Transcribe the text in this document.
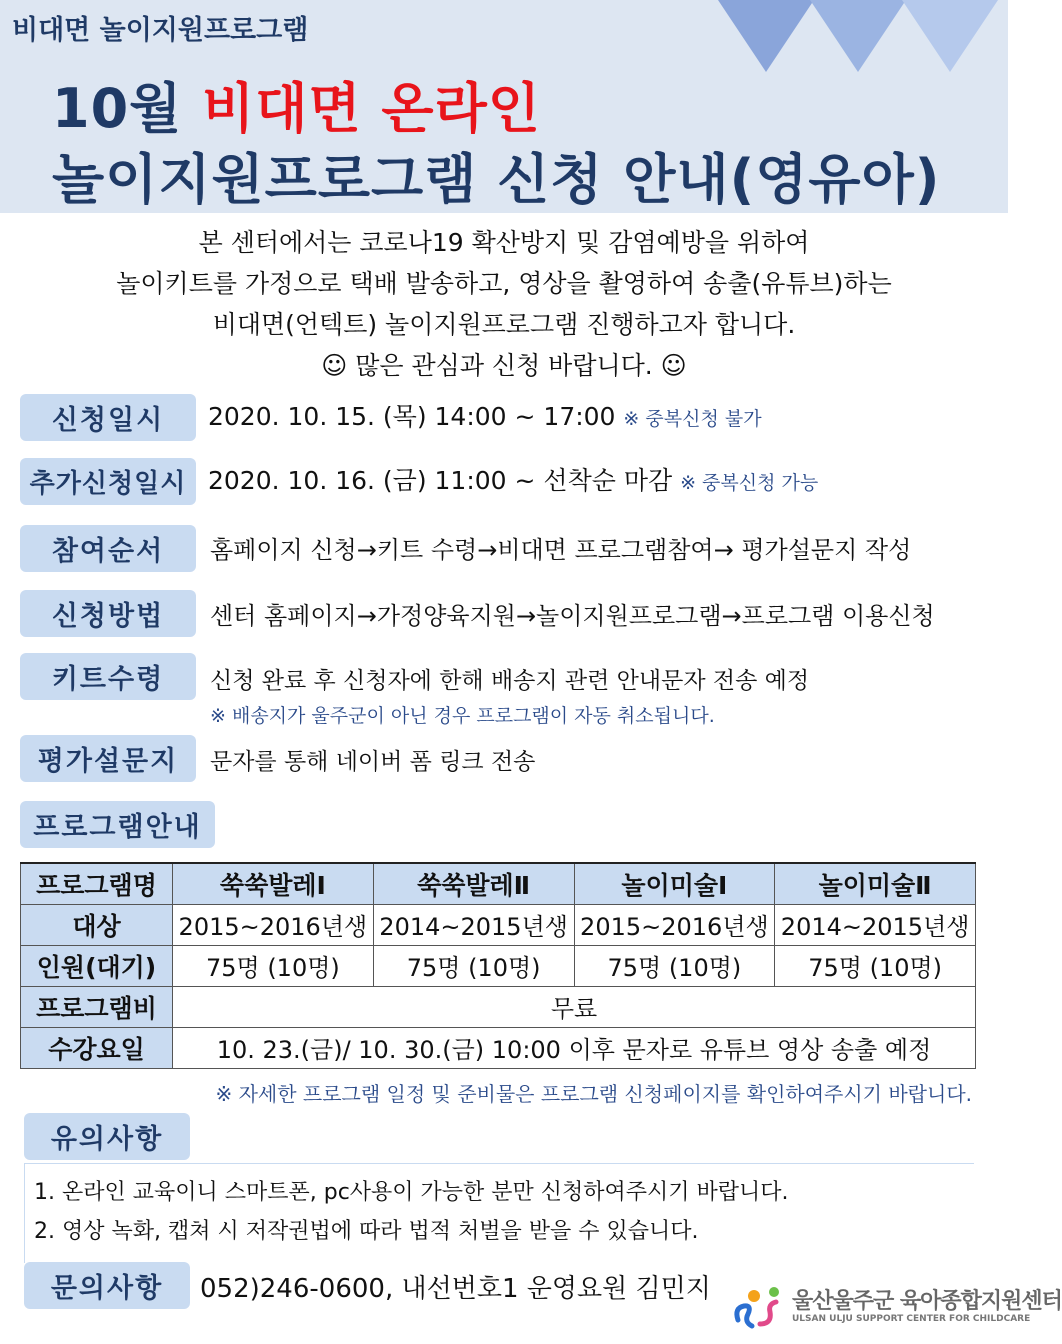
비대면 놀이지원프로그램
10월 비대면 온라인
놀이지원프로그램 신청 안내(영유아)
본 센터에서는 코로나19 확산방지 및 감염예방을 위하여
놀이키트를 가정으로 택배 발송하고, 영상을 촬영하여 송출(유튜브)하는
비대면(언텍트) 놀이지원프로그램 진행하고자 합니다.
☺ 많은 관심과 신청 바랍니다. ☺
신청일시	2020. 10. 15. (목) 14:00 ~ 17:00 ※ 중복신청 불가
추가신청일시 2020. 10. 16. (금) 11:00 ~ 선착순 마감 ※ 중복신청 가능
참여순서	홈페이지 신청→키트 수령→비대면 프로그램참여→ 평가설문지 작성
신청방법	센터 홈페이지→가정양육지원→놀이지원프로그램→프로그램 이용신청
키트수령	신청 완료 후 신청자에 한해 배송지 관련 안내문자 전송 예정
※ 배송지가 울주군이 아닌 경우 프로그램이 자동 취소됩니다.
평가설문지	문자를 통해 네이버 폼 링크 전송
프로그램안내
프로그램명	쑥쑥발레Ⅰ	쑥쑥발레Ⅱ	놀이미술Ⅰ	놀이미술Ⅱ
대상	2015~2016년생	2014~2015년생	2015~2016년생	2014~2015년생
인원(대기)	75명 (10명)	75명 (10명)	75명 (10명)	75명 (10명)
프로그램비	무료			
수강요일	10. 23.(금)/ 10. 30.(금) 10:00 이후 문자로 유튜브 영상 송출 예정			
※ 자세한 프로그램 일정 및 준비물은 프로그램 신청페이지를 확인하여주시기 바랍니다.
유의사항
1. 온라인 교육이니 스마트폰, pc사용이 가능한 분만 신청하여주시기 바랍니다.
2. 영상 녹화, 캡쳐 시 저작권법에 따라 법적 처벌을 받을 수 있습니다.
문의사항	052)246-0600, 내선번호1 운영요원 김민지	울산울주군 육아종합지원센터
ULSAN ULJU SUPPORT CENTER FOR CHILDCARE
